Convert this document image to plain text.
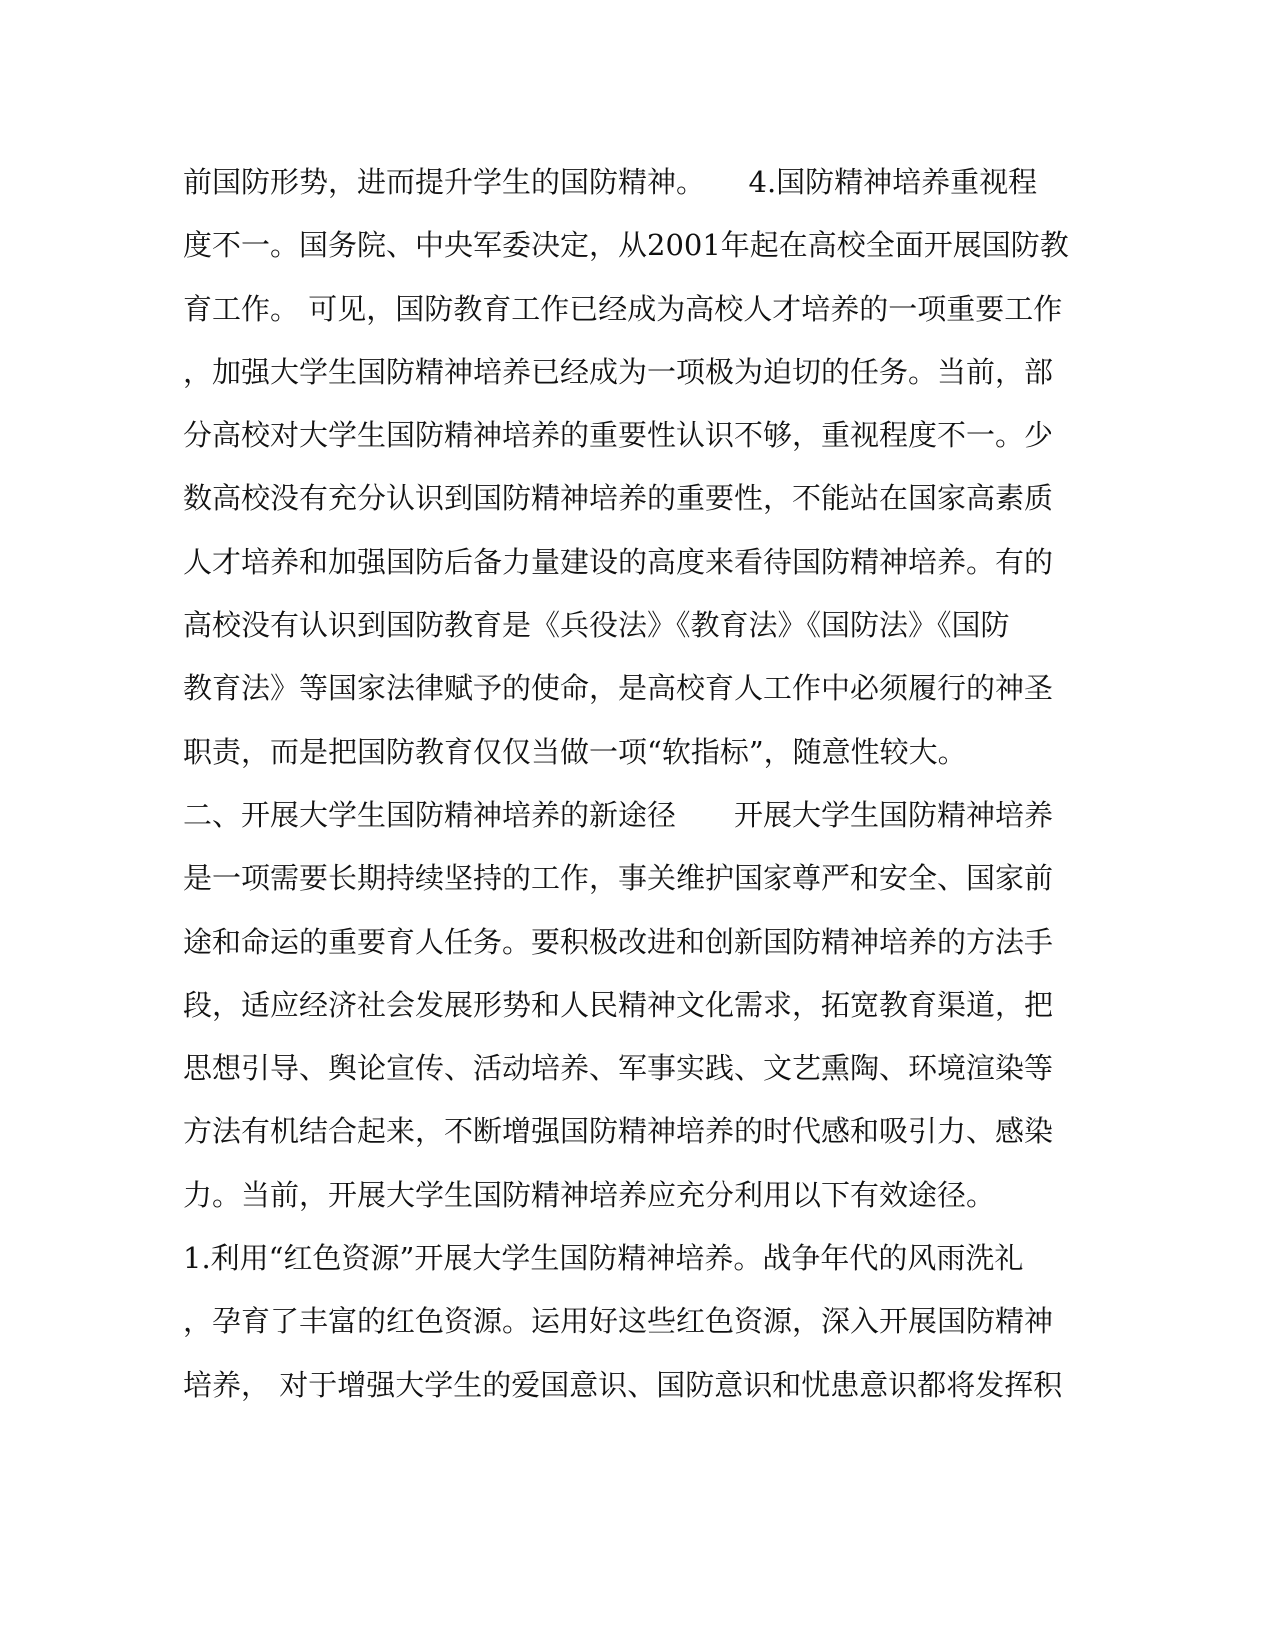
前国防形势，进而提升学生的国防精神。　　4.国防精神培养重视程
度不一。国务院、中央军委决定，从2001年起在高校全面开展国防教
育工作。 可见，国防教育工作已经成为高校人才培养的一项重要工作
，加强大学生国防精神培养已经成为一项极为迫切的任务。当前，部
分高校对大学生国防精神培养的重要性认识不够，重视程度不一。少
数高校没有充分认识到国防精神培养的重要性，不能站在国家高素质
人才培养和加强国防后备力量建设的高度来看待国防精神培养。有的
高校没有认识到国防教育是《兵役法》《教育法》《国防法》《国防
教育法》等国家法律赋予的使命，是高校育人工作中必须履行的神圣
职责，而是把国防教育仅仅当做一项“软指标”，随意性较大。
二、开展大学生国防精神培养的新途径　　开展大学生国防精神培养
是一项需要长期持续坚持的工作，事关维护国家尊严和安全、国家前
途和命运的重要育人任务。要积极改进和创新国防精神培养的方法手
段，适应经济社会发展形势和人民精神文化需求，拓宽教育渠道，把
思想引导、舆论宣传、活动培养、军事实践、文艺熏陶、环境渲染等
方法有机结合起来，不断增强国防精神培养的时代感和吸引力、感染
力。当前，开展大学生国防精神培养应充分利用以下有效途径。
1.利用“红色资源”开展大学生国防精神培养。战争年代的风雨洗礼
，孕育了丰富的红色资源。运用好这些红色资源，深入开展国防精神
培养， 对于增强大学生的爱国意识、国防意识和忧患意识都将发挥积
